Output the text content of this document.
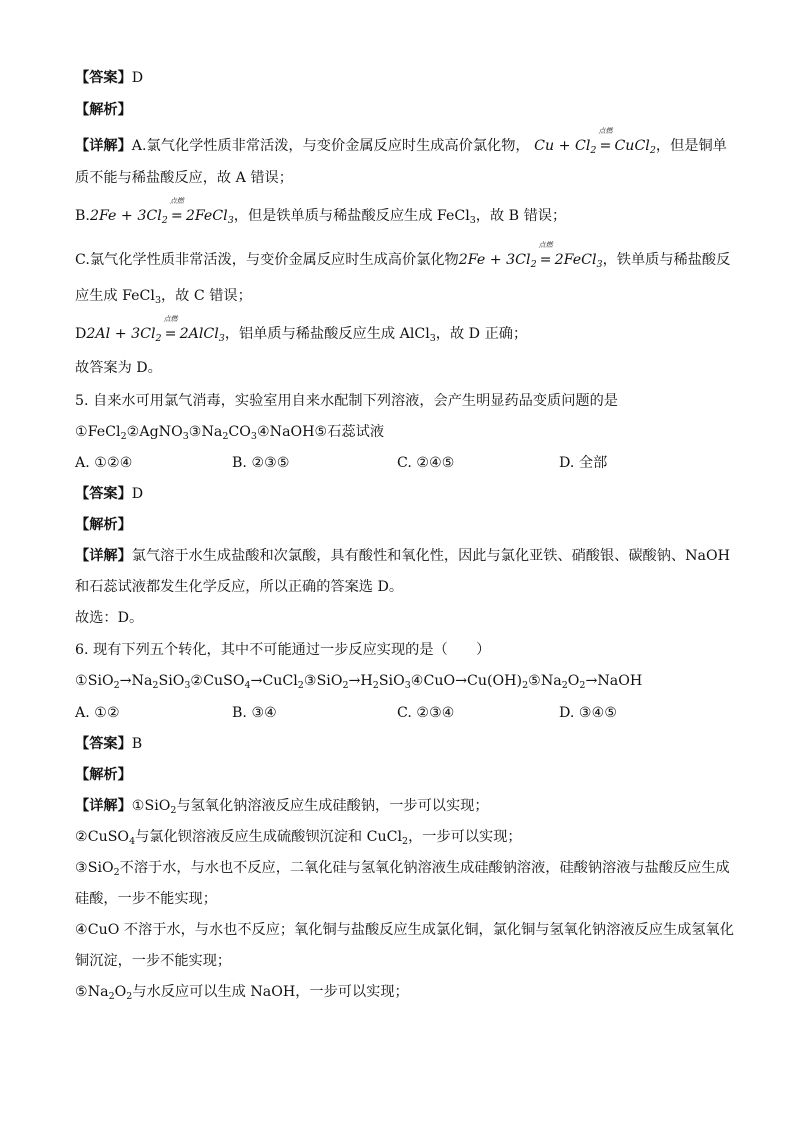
【答案】D
【解析】
【详解】A.氯气化学性质非常活泼，与变价金属反应时生成高价氯化物， $Cu + Cl_2$
点燃
= CuCl$_2$，但是铜单
质不能与稀盐酸反应，故 A 错误；
$B.2Fe + 3Cl_2$
点燃
= 2FeCl$_3$，但是铁单质与稀盐酸反应生成 FeCl$_3$，故 B 错误；
C.氯气化学性质非常活泼，与变价金属反应时生成高价氯化物$2Fe + 3Cl_2$
点燃
= 2FeCl$_3$，铁单质与稀盐酸反
应生成 FeCl$_3$，故 C 错误；
$D2Al + 3Cl_2$
点燃
= 2AlCl$_3$，铝单质与稀盐酸反应生成 AlCl$_3$，故 D 正确；
故答案为 D。
5. 自来水可用氯气消毒，实验室用自来水配制下列溶液，会产生明显药品变质问题的是
$①FeCl_2②AgNO_3③Na_2CO_3④NaOH⑤$石蕊试液
A. ①②④	B. ②③⑤	C. ②④⑤	D. 全部
【答案】D
【解析】
【详解】氯气溶于水生成盐酸和次氯酸，具有酸性和氧化性，因此与氯化亚铁、硝酸银、碳酸钠、NaOH
和石蕊试液都发生化学反应，所以正确的答案选 D。
故选：D。
6. 现有下列五个转化，其中不可能通过一步反应实现的是（　　）
$①SiO_2\to Na_2SiO_3②CuSO_4\to CuCl_2③SiO_2\to H_2SiO_3④CuO\to Cu(OH)_2⑤Na_2O_2\to NaOH$
A. ①②	B. ③④	C. ②③④	D. ③④⑤
【答案】B
【解析】
【详解】①SiO$_2$与氢氧化钠溶液反应生成硅酸钠，一步可以实现；
②CuSO$_4$与氯化钡溶液反应生成硫酸钡沉淀和 CuCl$_2$，一步可以实现；
③SiO$_2$不溶于水，与水也不反应，二氧化硅与氢氧化钠溶液生成硅酸钠溶液，硅酸钠溶液与盐酸反应生成
硅酸，一步不能实现；
④CuO 不溶于水，与水也不反应；氧化铜与盐酸反应生成氯化铜，氯化铜与氢氧化钠溶液反应生成氢氧化
铜沉淀，一步不能实现；
$⑤Na_2O_2$与水反应可以生成 NaOH，一步可以实现；
